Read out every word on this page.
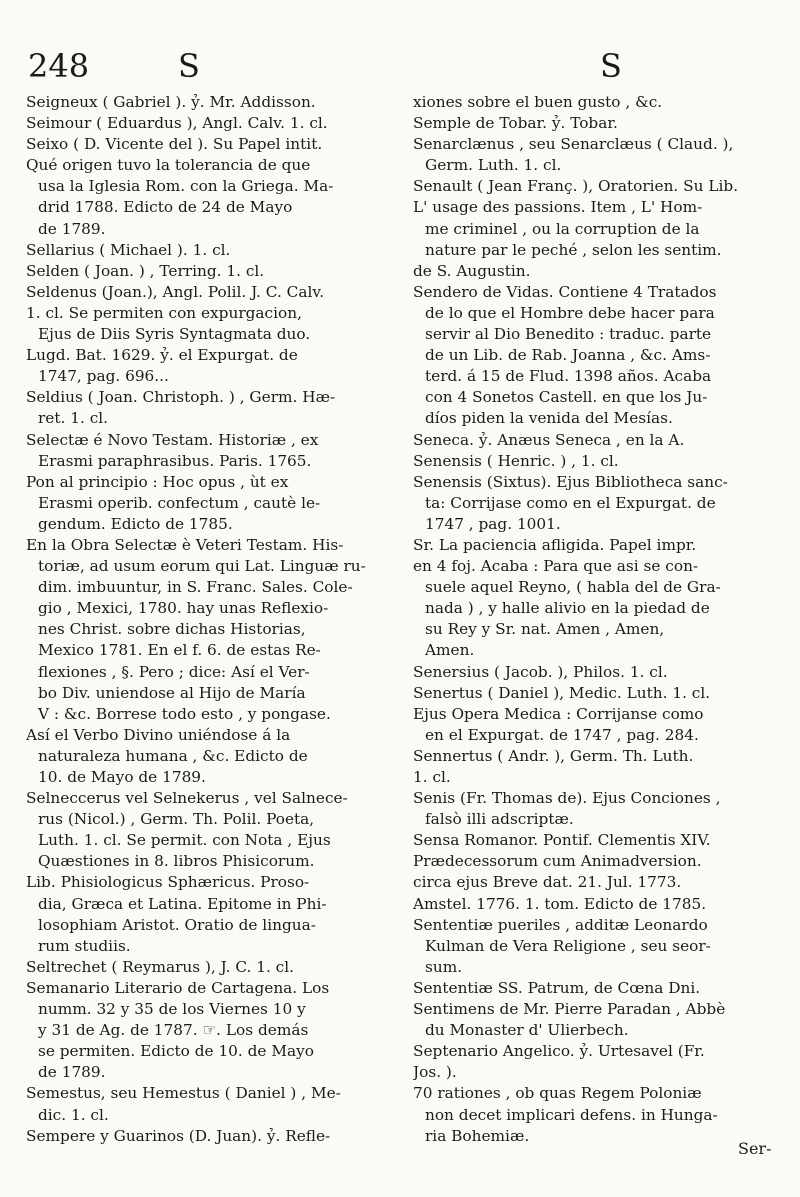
248	S	S
Seigneux ( Gabriel ). ỷ. Mr. Addisson.
Seimour ( Eduardus ), Angl. Calv. 1. cl.
Seixo ( D. Vicente del ). Su Papel intit.
Qué origen tuvo la tolerancia de que
usa la Iglesia Rom. con la Griega. Ma-
drid 1788. Edicto de 24 de Mayo
de 1789.
Sellarius ( Michael ). 1. cl.
Selden ( Joan. ) , Terring. 1. cl.
Seldenus (Joan.), Angl. Polil. J. C. Calv.
1. cl. Se permiten con expurgacion,
Ejus de Diis Syris Syntagmata duo.
Lugd. Bat. 1629. ỷ. el Expurgat. de
1747, pag. 696...
Seldius ( Joan. Christoph. ) , Germ. Hæ-
ret. 1. cl.
Selectæ é Novo Testam. Historiæ , ex
Erasmi paraphrasibus. Paris. 1765.
Pon al principio : Hoc opus , ùt ex
Erasmi operib. confectum , cautè le-
gendum. Edicto de 1785.
En la Obra Selectæ è Veteri Testam. His-
toriæ, ad usum eorum qui Lat. Linguæ ru-
dim. imbuuntur, in S. Franc. Sales. Cole-
gio , Mexici, 1780. hay unas Reflexio-
nes Christ. sobre dichas Historias,
Mexico 1781. En el f. 6. de estas Re-
flexiones , §. Pero ; dice: Así el Ver-
bo Div. uniendose al Hijo de María
V : &c. Borrese todo esto , y pongase.
Así el Verbo Divino uniéndose á la
naturaleza humana , &c. Edicto de
10. de Mayo de 1789.
Selneccerus vel Selnekerus , vel Salnece-
rus (Nicol.) , Germ. Th. Polil. Poeta,
Luth. 1. cl. Se permit. con Nota , Ejus
Quæstiones in 8. libros Phisicorum.
Lib. Phisiologicus Sphæricus. Proso-
dia, Græca et Latina. Epitome in Phi-
losophiam Aristot. Oratio de lingua-
rum studiis.
Seltrechet ( Reymarus ), J. C. 1. cl.
Semanario Literario de Cartagena. Los
numm. 32 y 35 de los Viernes 10 y
y 31 de Ag. de 1787. ☞. Los demás
se permiten. Edicto de 10. de Mayo
de 1789.
Semestus, seu Hemestus ( Daniel ) , Me-
dic. 1. cl.
Sempere y Guarinos (D. Juan). ỷ. Refle-
xiones sobre el buen gusto , &c.
Semple de Tobar. ỷ. Tobar.
Senarclænus , seu Senarclæus ( Claud. ),
Germ. Luth. 1. cl.
Senault ( Jean Franç. ), Oratorien. Su Lib.
L' usage des passions. Item , L' Hom-
me criminel , ou la corruption de la
nature par le peché , selon les sentim.
de S. Augustin.
Sendero de Vidas. Contiene 4 Tratados
de lo que el Hombre debe hacer para
servir al Dio Benedito : traduc. parte
de un Lib. de Rab. Joanna , &c. Ams-
terd. á 15 de Flud. 1398 años. Acaba
con 4 Sonetos Castell. en que los Ju-
díos piden la venida del Mesías.
Seneca. ỷ. Anæus Seneca , en la A.
Senensis ( Henric. ) , 1. cl.
Senensis (Sixtus). Ejus Bibliotheca sanc-
ta: Corrijase como en el Expurgat. de
1747 , pag. 1001.
Sr. La paciencia afligida. Papel impr.
en 4 foj. Acaba : Para que asi se con-
suele aquel Reyno, ( habla del de Gra-
nada ) , y halle alivio en la piedad de
su Rey y Sr. nat. Amen , Amen,
Amen.
Senersius ( Jacob. ), Philos. 1. cl.
Senertus ( Daniel ), Medic. Luth. 1. cl.
Ejus Opera Medica : Corrijanse como
en el Expurgat. de 1747 , pag. 284.
Sennertus ( Andr. ), Germ. Th. Luth.
1. cl.
Senis (Fr. Thomas de). Ejus Conciones ,
falsò illi adscriptæ.
Sensa Romanor. Pontif. Clementis XIV.
Prædecessorum cum Animadversion.
circa ejus Breve dat. 21. Jul. 1773.
Amstel. 1776. 1. tom. Edicto de 1785.
Sententiæ pueriles , additæ Leonardo
Kulman de Vera Religione , seu seor-
sum.
Sententiæ SS. Patrum, de Cœna Dni.
Sentimens de Mr. Pierre Paradan , Abbè
du Monaster d' Ulierbech.
Septenario Angelico. ỷ. Urtesavel (Fr.
Jos. ).
70 rationes , ob quas Regem Poloniæ
non decet implicari defens. in Hunga-
ria Bohemiæ.
Ser-
